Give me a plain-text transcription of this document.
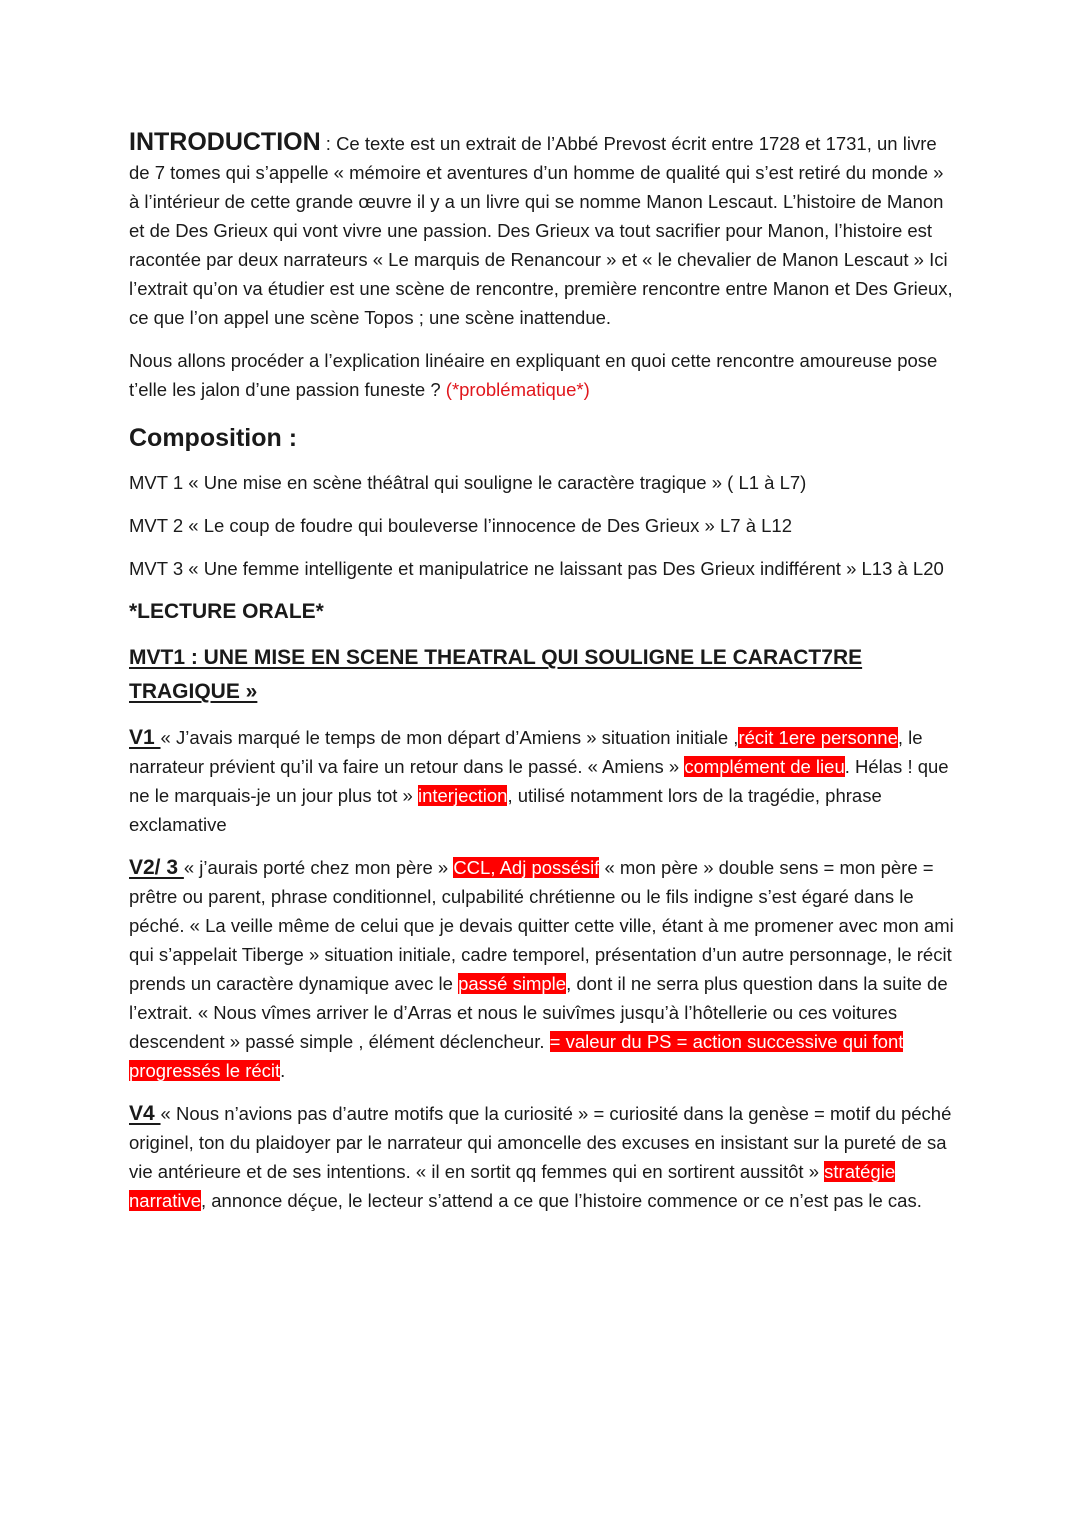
INTRODUCTION : Ce texte est un extrait de l’Abbé Prevost écrit entre 1728 et 1731, un livre de 7 tomes qui s’appelle « mémoire et aventures d’un homme de qualité qui s’est retiré du monde » à l’intérieur de cette grande œuvre il y a un livre qui se nomme Manon Lescaut. L’histoire de Manon et de Des Grieux qui vont vivre une passion. Des Grieux va tout sacrifier pour Manon, l’histoire est racontée par deux narrateurs « Le marquis de Renancour » et « le chevalier de Manon Lescaut » Ici l’extrait qu’on va étudier est une scène de rencontre, première rencontre entre Manon et Des Grieux, ce que l’on appel une scène Topos ; une scène inattendue.

Nous allons procéder a l’explication linéaire en expliquant en quoi cette rencontre amoureuse pose t’elle les jalon d’une passion funeste ? (*problématique*)

Composition :

MVT 1 « Une mise en scène théâtral qui souligne le caractère tragique » ( L1 à L7)

MVT 2 « Le coup de foudre qui bouleverse l’innocence de Des Grieux » L7 à L12

MVT 3 « Une femme intelligente et manipulatrice ne laissant pas Des Grieux indifférent » L13 à L20

*LECTURE ORALE*
MVT1 : UNE MISE EN SCENE THEATRAL QUI SOULIGNE LE CARACT7RE TRAGIQUE »

V1 « J’avais marqué le temps de mon départ d’Amiens » situation initiale ,récit 1ere personne, le narrateur prévient qu’il va faire un retour dans le passé. « Amiens » complément de lieu. Hélas ! que ne le marquais-je un jour plus tot » interjection, utilisé notamment lors de la tragédie, phrase exclamative

V2/ 3 « j’aurais porté chez mon père » CCL, Adj possésif « mon père » double sens = mon père = prêtre ou parent, phrase conditionnel, culpabilité chrétienne ou le fils indigne s’est égaré dans le péché. « La veille même de celui que je devais quitter cette ville, étant à me promener avec mon ami qui s’appelait Tiberge » situation initiale, cadre temporel, présentation d’un autre personnage, le récit prends un caractère dynamique avec le passé simple, dont il ne serra plus question dans la suite de l’extrait. « Nous vîmes arriver le d’Arras et nous le suivîmes jusqu’à l’hôtellerie ou ces voitures descendent » passé simple , élément déclencheur. = valeur du PS = action successive qui font progressés le récit.

V4 « Nous n’avions pas d’autre motifs que la curiosité » = curiosité dans la genèse = motif du péché originel, ton du plaidoyer par le narrateur qui amoncelle des excuses en insistant sur la pureté de sa vie antérieure et de ses intentions. « il en sortit qq femmes qui en sortirent aussitôt » stratégie narrative, annonce déçue, le lecteur s’attend a ce que l’histoire commence or ce n’est pas le cas.
